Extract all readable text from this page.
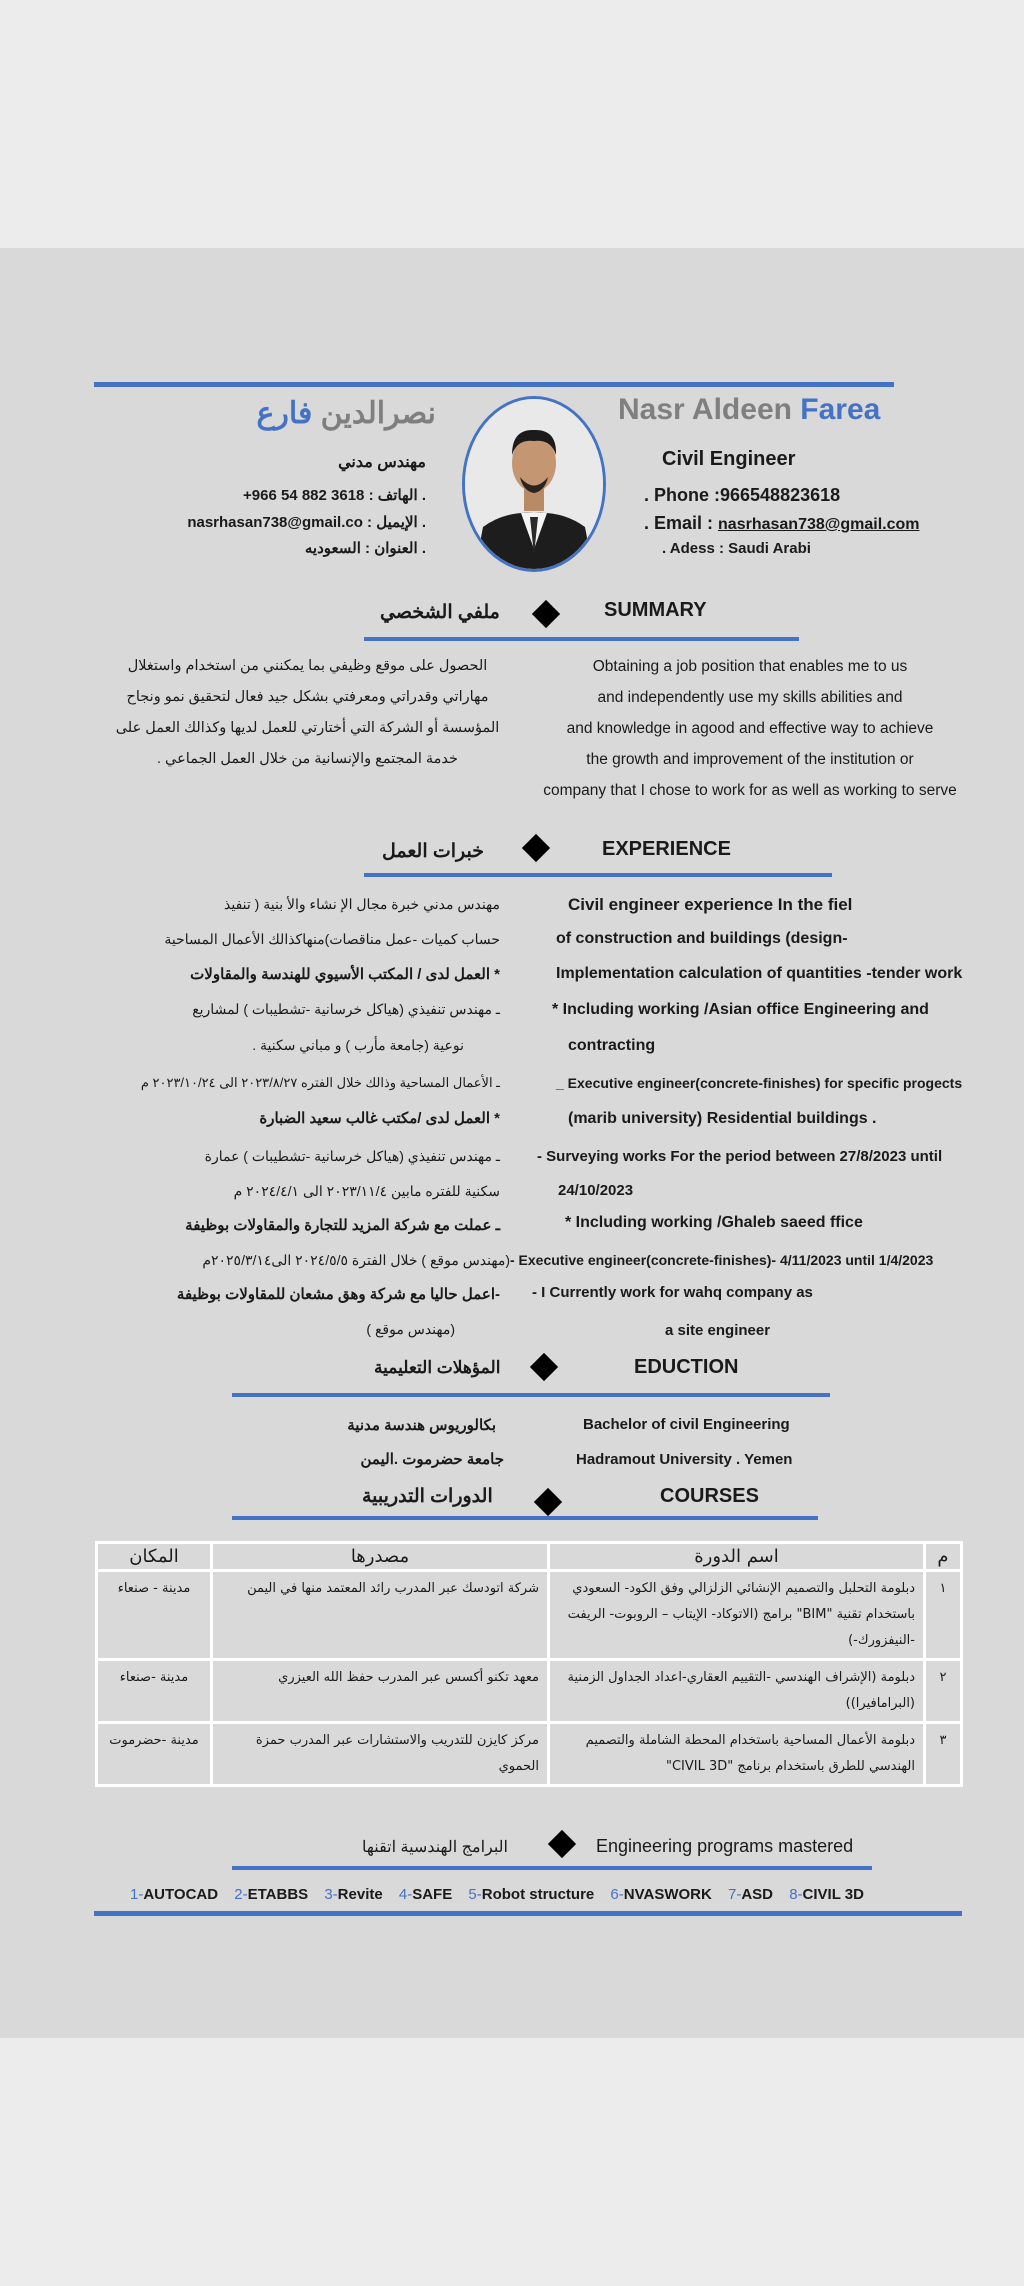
Nasr Aldeen Farea
نصرالدين فارع
Civil Engineer
مهندس مدني
. Phone :966548823618
. Email : nasrhasan738@gmail.com
. Adess : Saudi Arabi
. الهاتف : 3618 882 54 966+
. الإيميل : nasrhasan738@gmail.co
. العنوان : السعوديه
SUMMARY
ملفي الشخصي
Obtaining a job position that enables me to us
and independently use my skills abilities and
and knowledge in agood and effective way to achieve
the growth and improvement of the institution or
company that I chose to work for as well as working to serve
الحصول على موقع وظيفي بما يمكنني من استخدام واستغلال
مهاراتي وقدراتي ومعرفتي بشكل جيد فعال لتحقيق نمو ونجاح
المؤسسة أو الشركة التي أختارتي للعمل لديها وكذالك العمل على
خدمة المجتمع والإنسانية من خلال العمل الجماعي .
EXPERIENCE
خبرات العمل
Civil engineer experience In the fiel
of construction and buildings (design-
Implementation calculation of quantities -tender work
* Including working /Asian office Engineering and
contracting
_ Executive engineer(concrete-finishes) for specific progects
(marib university) Residential buildings .
- Surveying works For the period between 27/8/2023 until
24/10/2023
* Including working /Ghaleb saeed ffice
- Executive engineer(concrete-finishes)- 4/11/2023 until 1/4/2023
- I Currently work for wahq company as
a site engineer
مهندس مدني خبرة مجال الإ نشاء والأ بنية ( تنفيذ
حساب كميات -عمل مناقصات)منهاكذالك الأعمال المساحية
* العمل لدى / المكتب الأسيوي للهندسة والمقاولات
ـ مهندس تنفيذي (هياكل خرسانية -تشطيبات ) لمشاريع
نوعية (جامعة مأرب ) و مباني سكنية .
ـ الأعمال المساحية وذالك خلال الفتره ٢٠٢٣/٨/٢٧ الى ٢٠٢٣/١٠/٢٤ م
* العمل لدى /مكتب غالب سعيد الضبارة
ـ مهندس تنفيذي (هياكل خرسانية -تشطيبات ) عمارة
سكنية للفتره مابين ٢٠٢٣/١١/٤ الى ٢٠٢٤/٤/١ م
ـ عملت مع شركة المزيد للتجارة والمقاولات بوظيفة
(مهندس موقع ) خلال الفترة ٢٠٢٤/٥/٥ الى٢٠٢٥/٣/١٤م
-اعمل حاليا مع شركة وهق مشعان للمقاولات بوظيفة
(مهندس موقع )
EDUCTION
المؤهلات التعليمية
Bachelor of civil Engineering
Hadramout University . Yemen
بكالوريوس هندسة مدنية
جامعة حضرموت .اليمن
COURSES
الدورات التدريبية
م	اسم الدورة	مصدرها	المكان
١	دبلومة التحلبل والتصميم الإنشائي الزلزالي وفق الكود- السعودي باستخدام تقنية "BIM" برامج (الاتوكاد- الإيتاب – الروبوت- الريفت -النيفزورك-)	شركة اتودسك عبر المدرب رائد المعتمد منها في اليمن	مدينة - صنعاء
٢	دبلومة (الإشراف الهندسي -التقييم العقاري-اعداد الجداول الزمنية (البرامافيرا))	معهد تكنو أكسس عبر المدرب حفظ الله العيزري	مدينة -صنعاء
٣	دبلومة الأعمال المساحية باستخدام المحطة الشاملة والتصميم الهندسي للطرق باستخدام برنامج "CIVIL 3D"	مركز كايزن للتدريب والاستشارات عبر المدرب حمزة الحموي	مدينة -حضرموت
Engineering programs mastered
البرامج الهندسية اتقنها
1-AUTOCAD 2-ETABBS 3-Revite 4-SAFE 5-Robot structure 6-NVASWORK 7-ASD 8-CIVIL 3D
